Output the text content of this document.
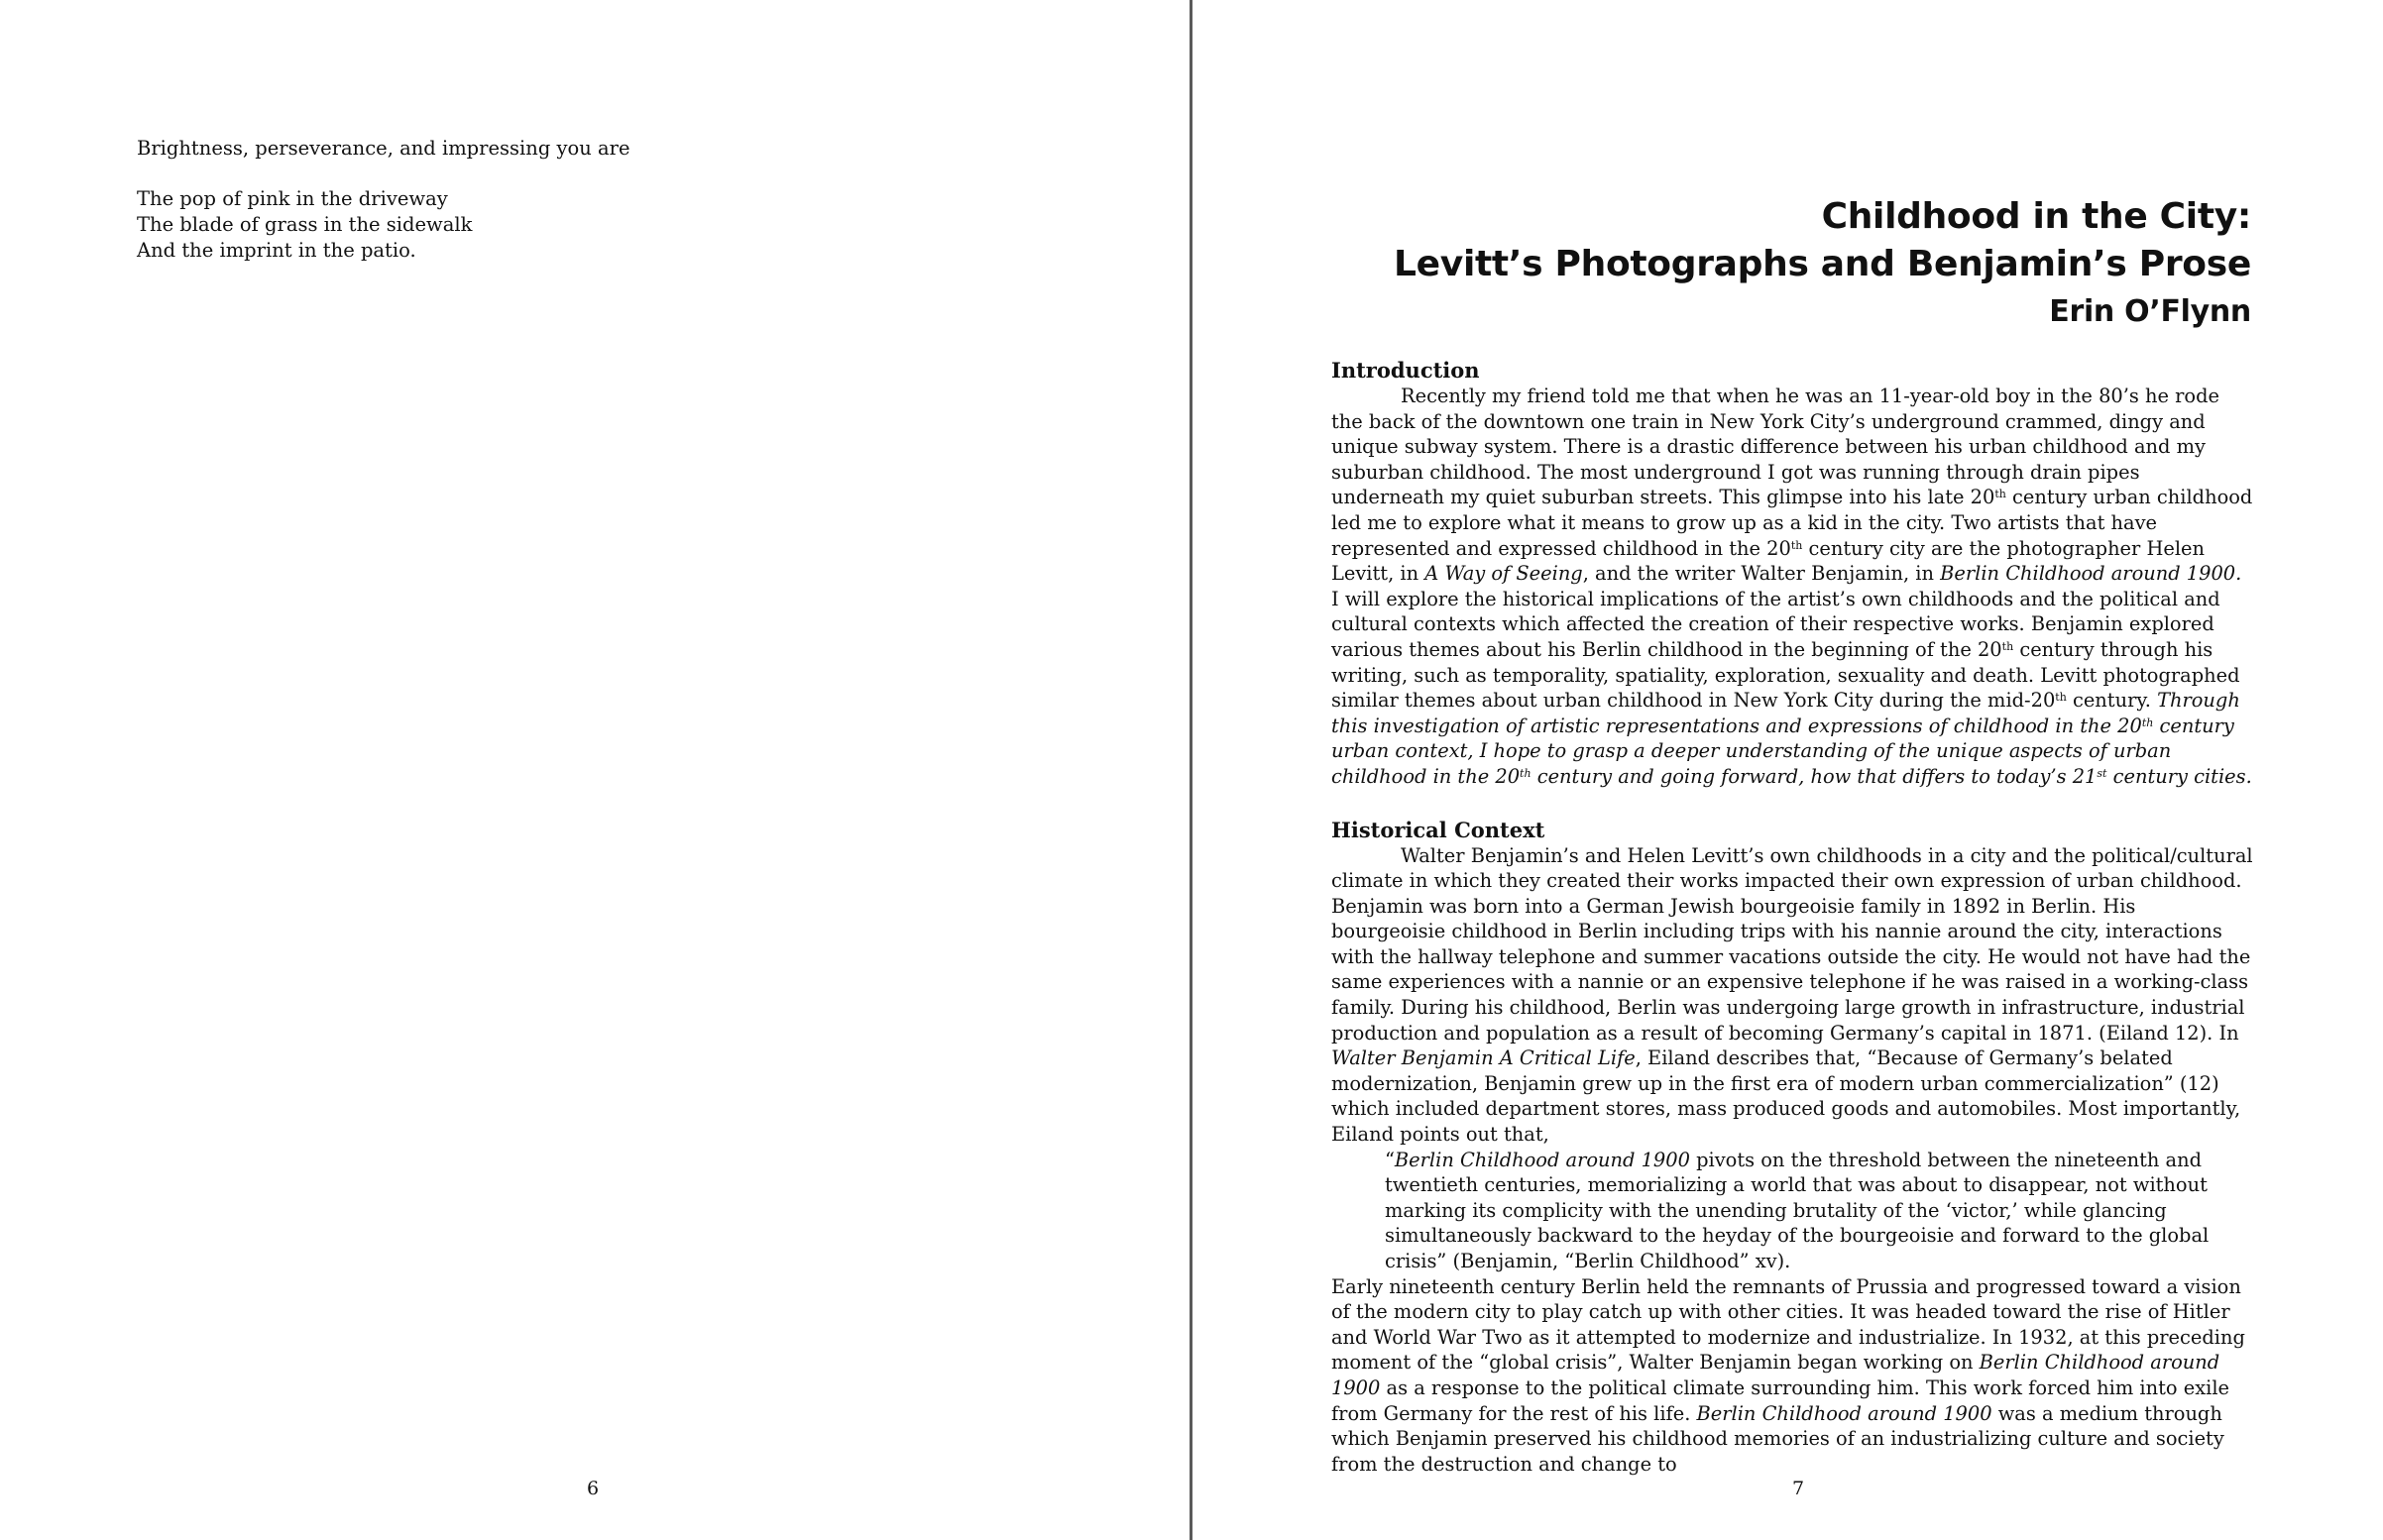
Brightness, perseverance, and impressing you are
The pop of pink in the driveway
The blade of grass in the sidewalk
And the imprint in the patio.
6
Childhood in the City:
Levitt’s Photographs and Benjamin’s Prose
Erin O’Flynn

Introduction

Recently my friend told me that when he was an 11-year-old boy in the 80’s he rode the back of the downtown one train in New York City’s underground crammed, dingy and unique subway system. There is a drastic difference between his urban childhood and my suburban childhood. The most underground I got was running through drain pipes underneath my quiet suburban streets. This glimpse into his late 20th century urban childhood led me to explore what it means to grow up as a kid in the city. Two artists that have represented and expressed childhood in the 20th century city are the photographer Helen Levitt, in A Way of Seeing, and the writer Walter Benjamin, in Berlin Childhood around 1900. I will explore the historical implications of the artist’s own childhoods and the political and cultural contexts which affected the creation of their respective works. Benjamin explored various themes about his Berlin childhood in the beginning of the 20th century through his writing, such as temporality, spatiality, exploration, sexuality and death. Levitt photographed similar themes about urban childhood in New York City during the mid-20th century. Through this investigation of artistic representations and expressions of childhood in the 20th century urban context, I hope to grasp a deeper understanding of the unique aspects of urban childhood in the 20th century and going forward, how that differs to today’s 21st century cities.

Historical Context

Walter Benjamin’s and Helen Levitt’s own childhoods in a city and the political/cultural climate in which they created their works impacted their own expression of urban childhood. Benjamin was born into a German Jewish bourgeoisie family in 1892 in Berlin. His bourgeoisie childhood in Berlin including trips with his nannie around the city, interactions with the hallway telephone and summer vacations outside the city. He would not have had the same experiences with a nannie or an expensive telephone if he was raised in a working-class family. During his childhood, Berlin was undergoing large growth in infrastructure, industrial production and population as a result of becoming Germany’s capital in 1871. (Eiland 12). In Walter Benjamin A Critical Life, Eiland describes that, “Because of Germany’s belated modernization, Benjamin grew up in the first era of modern urban commercialization” (12) which included department stores, mass produced goods and automobiles. Most importantly, Eiland points out that,

“Berlin Childhood around 1900 pivots on the threshold between the nineteenth and twentieth centuries, memorializing a world that was about to disappear, not without marking its complicity with the unending brutality of the ‘victor,’ while glancing simultaneously backward to the heyday of the bourgeoisie and forward to the global crisis” (Benjamin, “Berlin Childhood” xv).

Early nineteenth century Berlin held the remnants of Prussia and progressed toward a vision of the modern city to play catch up with other cities. It was headed toward the rise of Hitler and World War Two as it attempted to modernize and industrialize. In 1932, at this preceding moment of the “global crisis”, Walter Benjamin began working on Berlin Childhood around 1900 as a response to the political climate surrounding him. This work forced him into exile from Germany for the rest of his life. Berlin Childhood around 1900 was a medium through which Benjamin preserved his childhood memories of an industrializing culture and society from the destruction and change to

7
